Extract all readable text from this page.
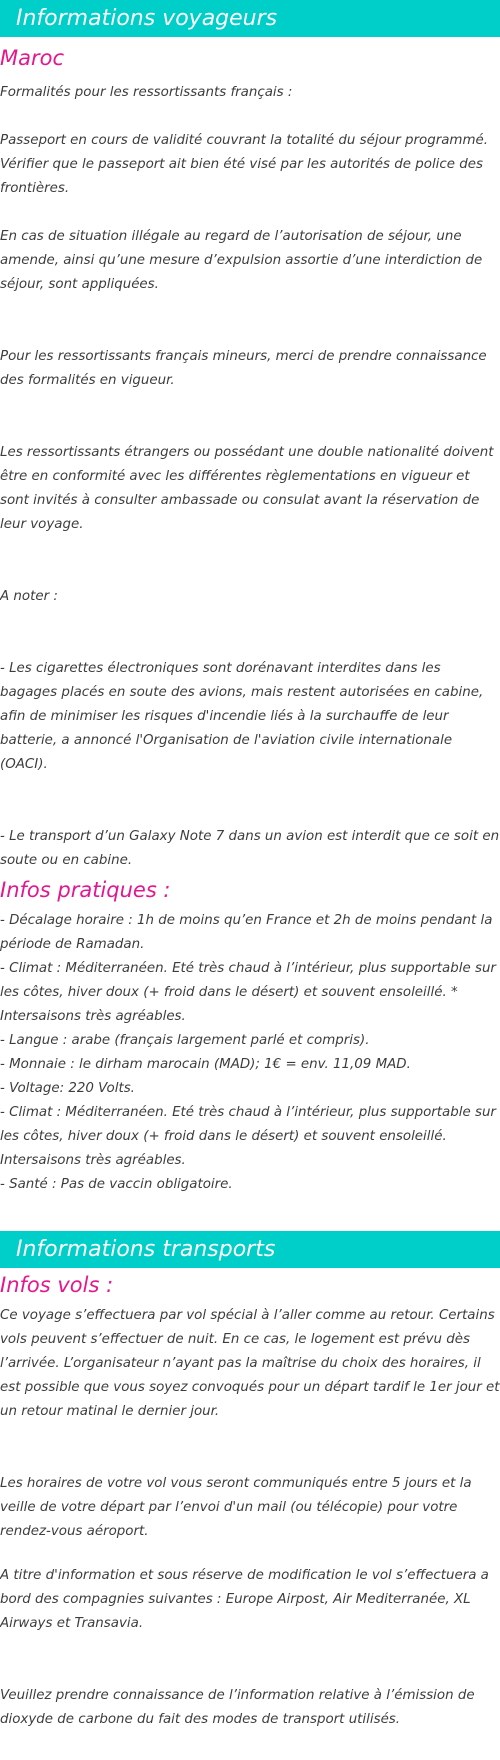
Informations voyageurs
Maroc

Formalités pour les ressortissants français :

Passeport en cours de validité couvrant la totalité du séjour programmé. Vérifier que le passeport ait bien été visé par les autorités de police des frontières.

En cas de situation illégale au regard de l’autorisation de séjour, une amende, ainsi qu’une mesure d’expulsion assortie d’une interdiction de séjour, sont appliquées.

Pour les ressortissants français mineurs, merci de prendre connaissance des formalités en vigueur.

Les ressortissants étrangers ou possédant une double nationalité doivent être en conformité avec les différentes règlementations en vigueur et sont invités à consulter ambassade ou consulat avant la réservation de leur voyage.

A noter :

- Les cigarettes électroniques sont dorénavant interdites dans les bagages placés en soute des avions, mais restent autorisées en cabine, afin de minimiser les risques d'incendie liés à la surchauffe de leur batterie, a annoncé l'Organisation de l'aviation civile internationale (OACI).

- Le transport d’un Galaxy Note 7 dans un avion est interdit que ce soit en soute ou en cabine.

Infos pratiques :

- Décalage horaire : 1h de moins qu’en France et 2h de moins pendant la période de Ramadan.

- Climat : Méditerranéen. Eté très chaud à l’intérieur, plus supportable sur les côtes, hiver doux (+ froid dans le désert) et souvent ensoleillé. * Intersaisons très agréables.

- Langue : arabe (français largement parlé et compris).

- Monnaie : le dirham marocain (MAD); 1€ = env. 11,09 MAD.

- Voltage: 220 Volts.

- Climat : Méditerranéen. Eté très chaud à l’intérieur, plus supportable sur les côtes, hiver doux (+ froid dans le désert) et souvent ensoleillé. Intersaisons très agréables.

- Santé : Pas de vaccin obligatoire.

Informations transports
Infos vols :

Ce voyage s’effectuera par vol spécial à l’aller comme au retour. Certains vols peuvent s’effectuer de nuit. En ce cas, le logement est prévu dès l’arrivée. L’organisateur n’ayant pas la maîtrise du choix des horaires, il est possible que vous soyez convoqués pour un départ tardif le 1er jour et un retour matinal le dernier jour.

Les horaires de votre vol vous seront communiqués entre 5 jours et la veille de votre départ par l’envoi d'un mail (ou télécopie) pour votre rendez-vous aéroport.

A titre d'information et sous réserve de modification le vol s’effectuera a bord des compagnies suivantes : Europe Airpost, Air Mediterranée, XL Airways et Transavia.

Veuillez prendre connaissance de l’information relative à l’émission de dioxyde de carbone du fait des modes de transport utilisés.
